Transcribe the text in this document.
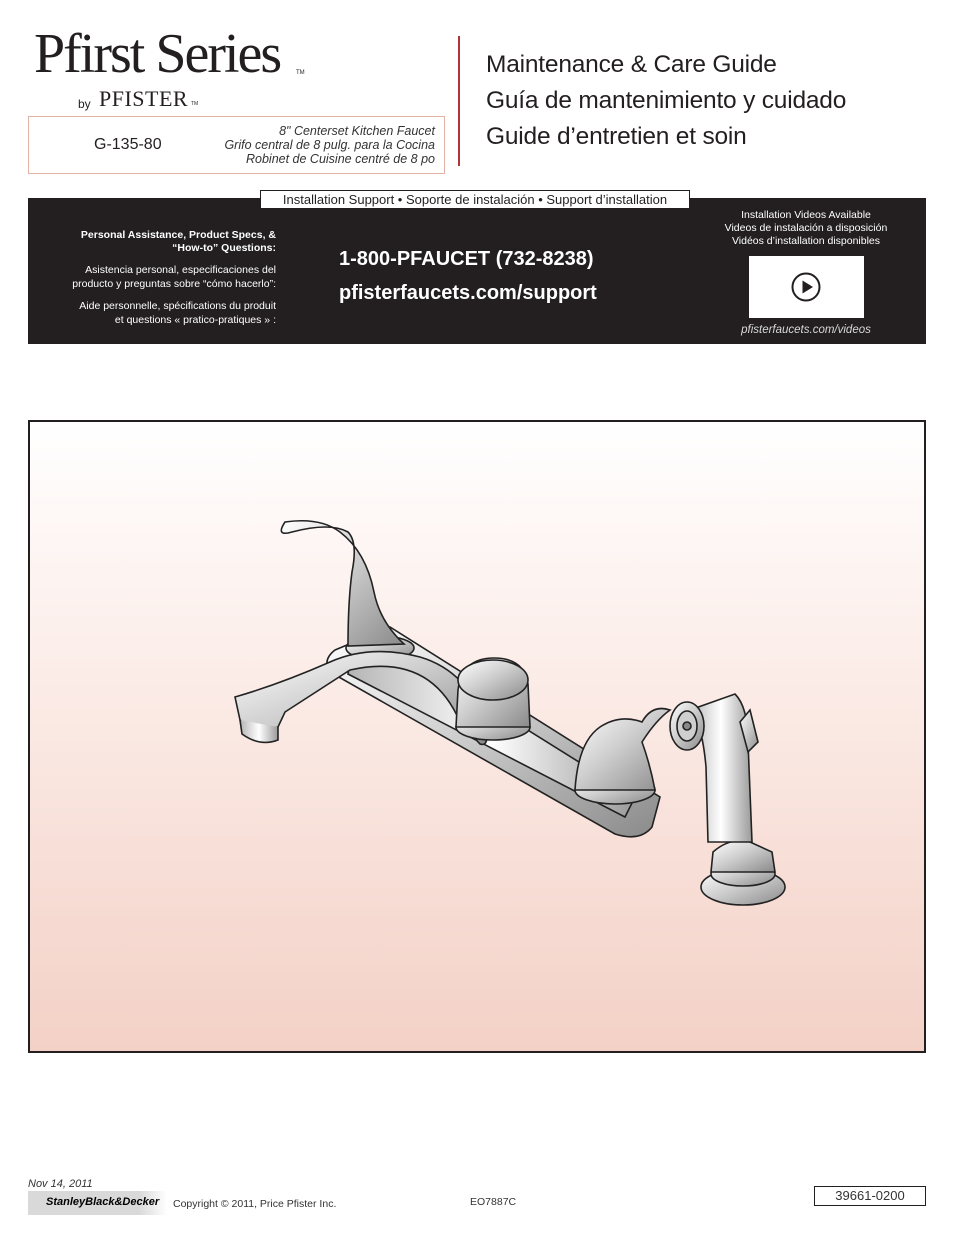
Pfirst Series	TM
by PFISTER TM
G-135-80
8" Centerset Kitchen Faucet
Grifo central de 8 pulg. para la Cocina
Robinet de Cuisine centré de 8 po
Maintenance & Care Guide
Guía de mantenimiento y cuidado
Guide d’entretien et soin
Installation Support • Soporte de instalación • Support d’installation
Personal Assistance, Product Specs, &
“How-to” Questions:
Asistencia personal, especificaciones del
producto y preguntas sobre “cómo hacerlo”:
Aide personnelle, spécifications du produit
et questions « pratico-pratiques » :
1-800-PFAUCET (732-8238)
pfisterfaucets.com/support
Installation Videos Available
Videos de instalación a disposición
Vidéos d’installation disponibles
pfisterfaucets.com/videos
Nov 14, 2011
StanleyBlack&Decker Copyright © 2011, Price Pfister Inc.	EO7887C	39661-0200
